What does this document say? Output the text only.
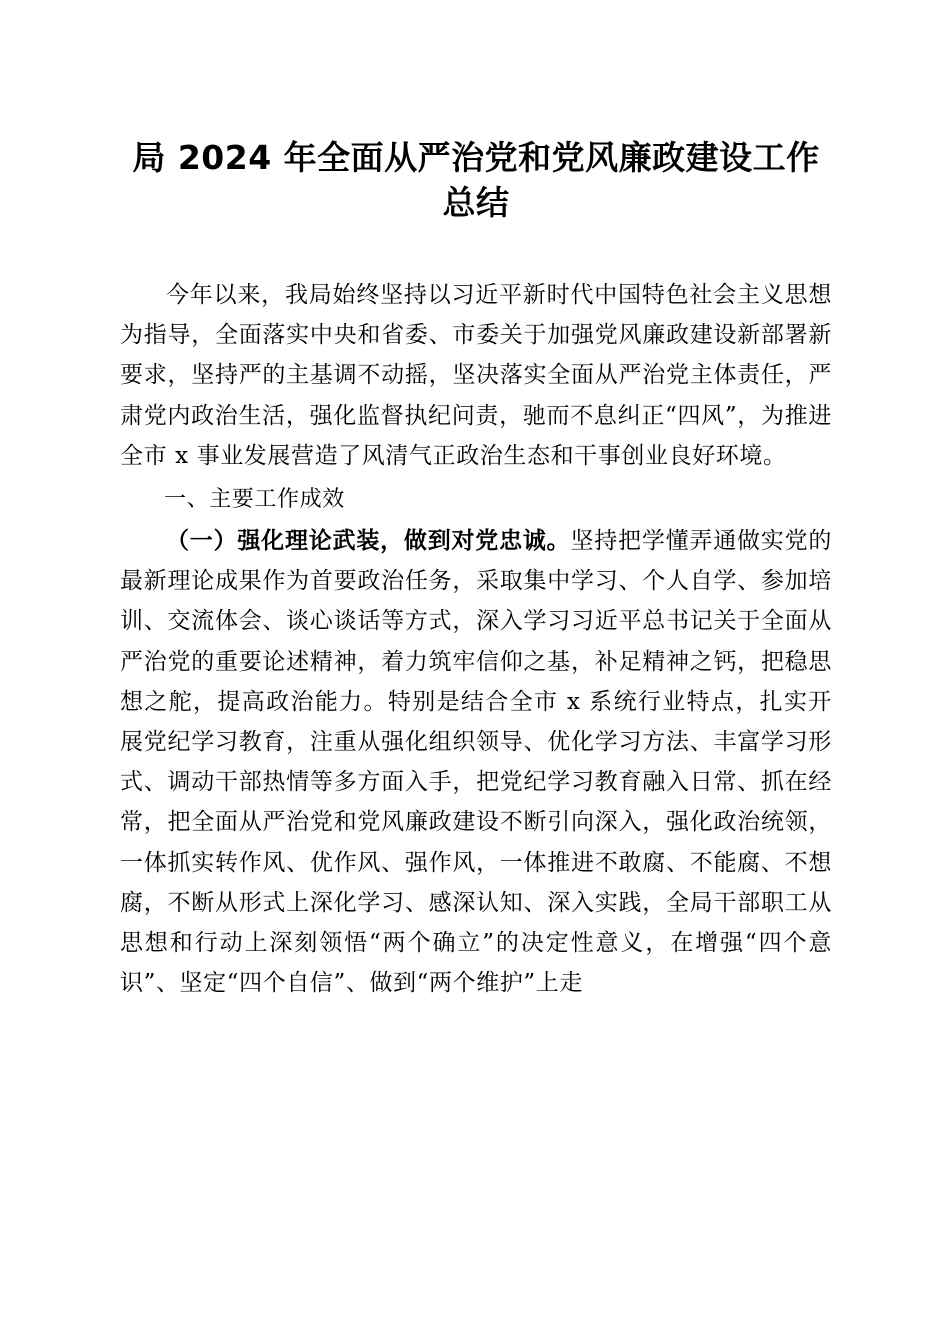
局 2024 年全面从严治党和党风廉政建设工作
总结

今年以来，我局始终坚持以习近平新时代中国特色社会主义思想为指导，全面落实中央和省委、市委关于加强党风廉政建设新部署新要求，坚持严的主基调不动摇，坚决落实全面从严治党主体责任，严肃党内政治生活，强化监督执纪问责，驰而不息纠正“四风”，为推进全市 x 事业发展营造了风清气正政治生态和干事创业良好环境。

一、主要工作成效

（一）强化理论武装，做到对党忠诚。坚持把学懂弄通做实党的最新理论成果作为首要政治任务，采取集中学习、个人自学、参加培训、交流体会、谈心谈话等方式，深入学习习近平总书记关于全面从严治党的重要论述精神，着力筑牢信仰之基，补足精神之钙，把稳思想之舵，提高政治能力。特别是结合全市 x 系统行业特点，扎实开展党纪学习教育，注重从强化组织领导、优化学习方法、丰富学习形式、调动干部热情等多方面入手，把党纪学习教育融入日常、抓在经常，把全面从严治党和党风廉政建设不断引向深入，强化政治统领，一体抓实转作风、优作风、强作风，一体推进不敢腐、不能腐、不想腐，不断从形式上深化学习、感深认知、深入实践，全局干部职工从思想和行动上深刻领悟“两个确立”的决定性意义，在增强“四个意识”、坚定“四个自信”、做到“两个维护”上走
